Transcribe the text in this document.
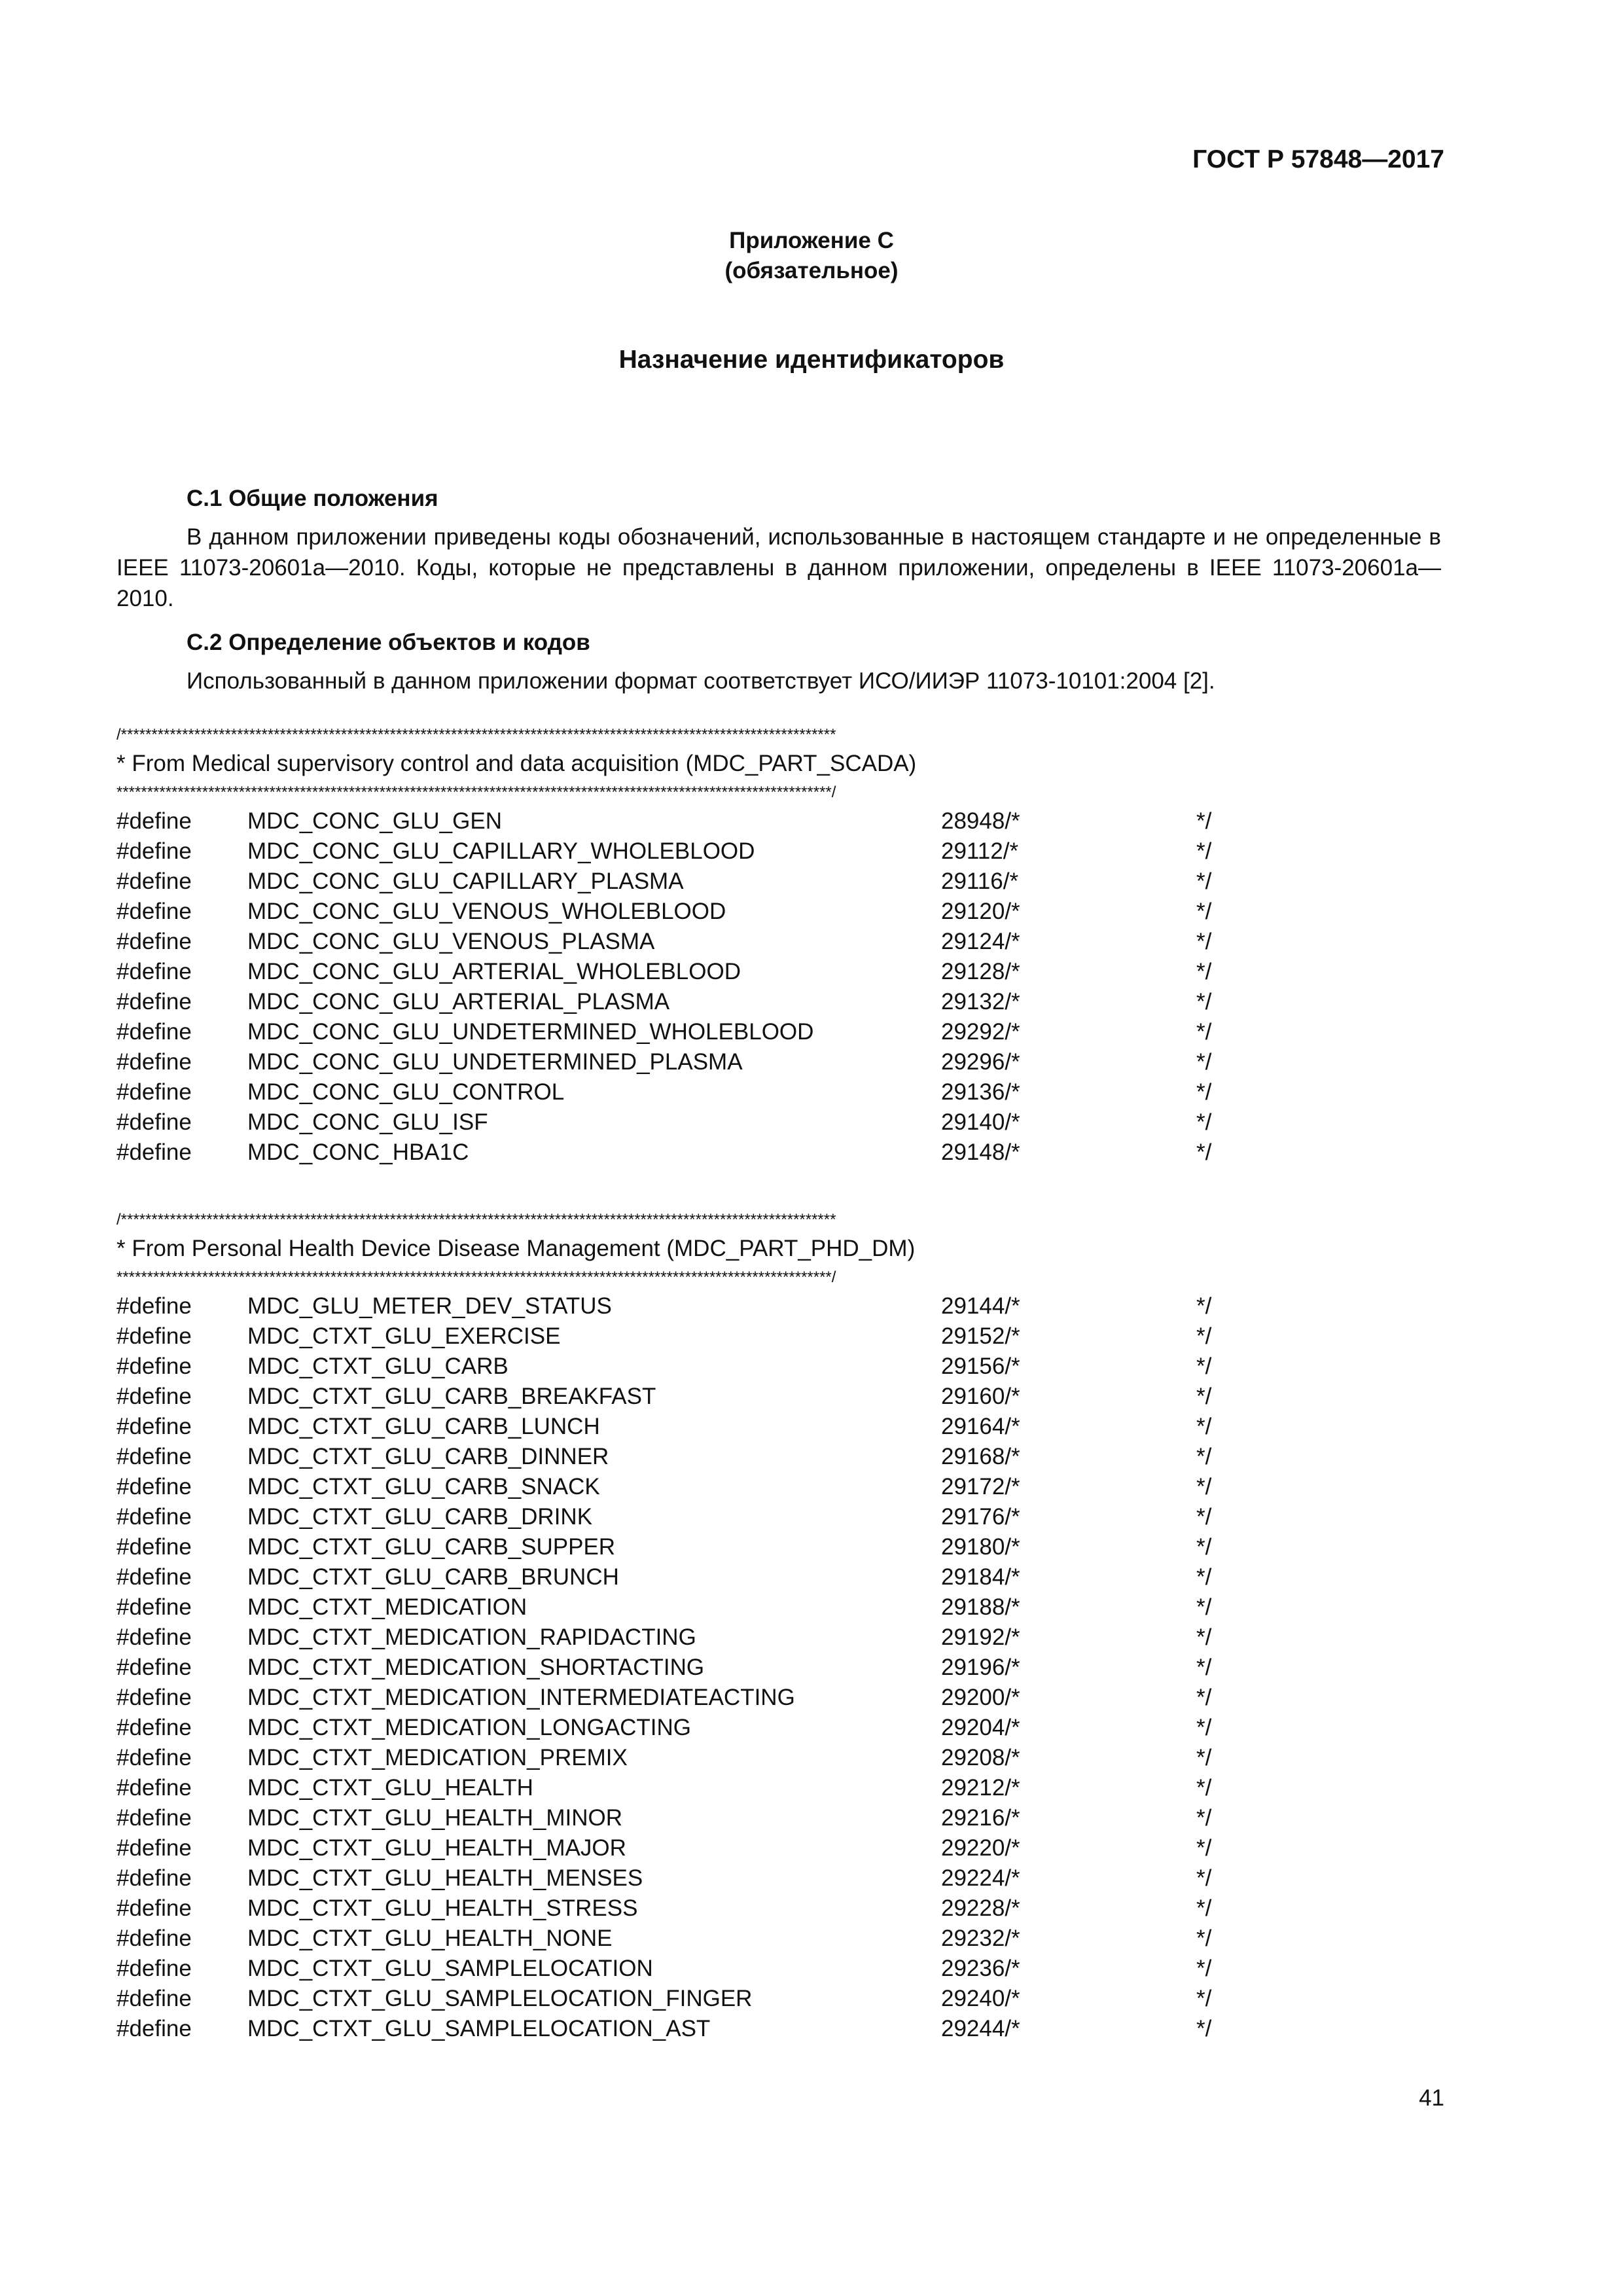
ГОСТ Р 57848—2017
Приложение С
(обязательное)
Назначение идентификаторов
С.1 Общие положения
В данном приложении приведены коды обозначений, использованные в настоящем стандарте и не определенные в IEEE 11073-20601a—2010. Коды, которые не представлены в данном приложении, определены в IEEE 11073-20601a—2010.
С.2 Определение объектов и кодов
Использованный в данном приложении формат соответствует ИСО/ИИЭР 11073-10101:2004 [2].
/*********************************************************************************************************************
* From Medical supervisory control and data acquisition (MDC_PART_SCADA)
*********************************************************************************************************************/
#define	MDC_CONC_GLU_GEN	28948/*	*/
#define	MDC_CONC_GLU_CAPILLARY_WHOLEBLOOD	29112/*	*/
#define	MDC_CONC_GLU_CAPILLARY_PLASMA	29116/*	*/
#define	MDC_CONC_GLU_VENOUS_WHOLEBLOOD	29120/*	*/
#define	MDC_CONC_GLU_VENOUS_PLASMA	29124/*	*/
#define	MDC_CONC_GLU_ARTERIAL_WHOLEBLOOD	29128/*	*/
#define	MDC_CONC_GLU_ARTERIAL_PLASMA	29132/*	*/
#define	MDC_CONC_GLU_UNDETERMINED_WHOLEBLOOD	29292/*	*/
#define	MDC_CONC_GLU_UNDETERMINED_PLASMA	29296/*	*/
#define	MDC_CONC_GLU_CONTROL	29136/*	*/
#define	MDC_CONC_GLU_ISF	29140/*	*/
#define	MDC_CONC_HBA1C	29148/*	*/
/*********************************************************************************************************************
* From Personal Health Device Disease Management (MDC_PART_PHD_DM)
*********************************************************************************************************************/
#define	MDC_GLU_METER_DEV_STATUS	29144/*	*/
#define	MDC_CTXT_GLU_EXERCISE	29152/*	*/
#define	MDC_CTXT_GLU_CARB	29156/*	*/
#define	MDC_CTXT_GLU_CARB_BREAKFAST	29160/*	*/
#define	MDC_CTXT_GLU_CARB_LUNCH	29164/*	*/
#define	MDC_CTXT_GLU_CARB_DINNER	29168/*	*/
#define	MDC_CTXT_GLU_CARB_SNACK	29172/*	*/
#define	MDC_CTXT_GLU_CARB_DRINK	29176/*	*/
#define	MDC_CTXT_GLU_CARB_SUPPER	29180/*	*/
#define	MDC_CTXT_GLU_CARB_BRUNCH	29184/*	*/
#define	MDC_CTXT_MEDICATION	29188/*	*/
#define	MDC_CTXT_MEDICATION_RAPIDACTING	29192/*	*/
#define	MDC_CTXT_MEDICATION_SHORTACTING	29196/*	*/
#define	MDC_CTXT_MEDICATION_INTERMEDIATEACTING	29200/*	*/
#define	MDC_CTXT_MEDICATION_LONGACTING	29204/*	*/
#define	MDC_CTXT_MEDICATION_PREMIX	29208/*	*/
#define	MDC_CTXT_GLU_HEALTH	29212/*	*/
#define	MDC_CTXT_GLU_HEALTH_MINOR	29216/*	*/
#define	MDC_CTXT_GLU_HEALTH_MAJOR	29220/*	*/
#define	MDC_CTXT_GLU_HEALTH_MENSES	29224/*	*/
#define	MDC_CTXT_GLU_HEALTH_STRESS	29228/*	*/
#define	MDC_CTXT_GLU_HEALTH_NONE	29232/*	*/
#define	MDC_CTXT_GLU_SAMPLELOCATION	29236/*	*/
#define	MDC_CTXT_GLU_SAMPLELOCATION_FINGER	29240/*	*/
#define	MDC_CTXT_GLU_SAMPLELOCATION_AST	29244/*	*/
41
